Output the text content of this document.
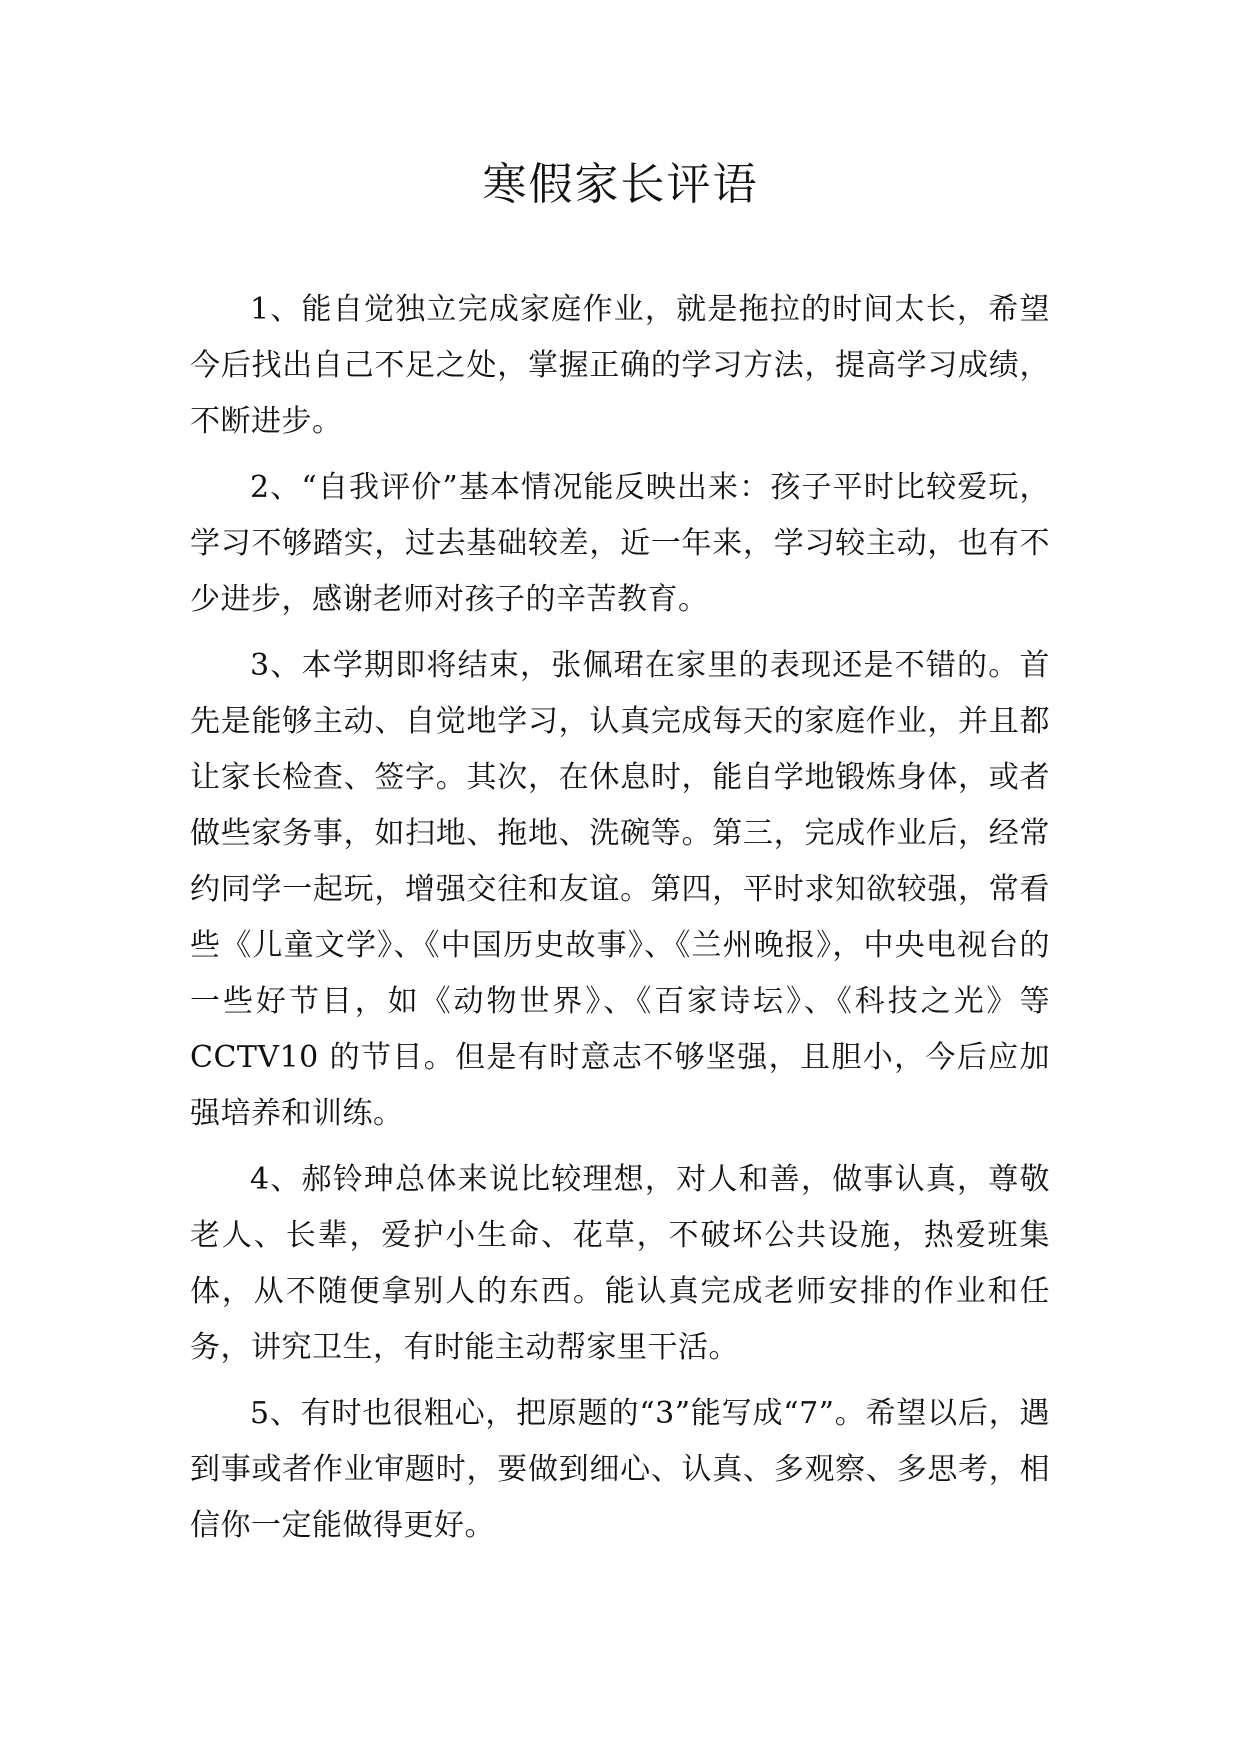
寒假家长评语

1、能自觉独立完成家庭作业，就是拖拉的时间太长，希望今后找出自己不足之处，掌握正确的学习方法，提高学习成绩，不断进步。

2、“自我评价”基本情况能反映出来：孩子平时比较爱玩，学习不够踏实，过去基础较差，近一年来，学习较主动，也有不少进步，感谢老师对孩子的辛苦教育。

3、本学期即将结束，张佩珺在家里的表现还是不错的。首先是能够主动、自觉地学习，认真完成每天的家庭作业，并且都让家长检查、签字。其次，在休息时，能自学地锻炼身体，或者做些家务事，如扫地、拖地、洗碗等。第三，完成作业后，经常约同学一起玩，增强交往和友谊。第四，平时求知欲较强，常看些《儿童文学》、《中国历史故事》、《兰州晚报》，中央电视台的一些好节目，如《动物世界》、《百家诗坛》、《科技之光》等 CCTV10 的节目。但是有时意志不够坚强，且胆小，今后应加强培养和训练。

4、郝铃珅总体来说比较理想，对人和善，做事认真，尊敬老人、长辈，爱护小生命、花草，不破坏公共设施，热爱班集体，从不随便拿别人的东西。能认真完成老师安排的作业和任务，讲究卫生，有时能主动帮家里干活。

5、有时也很粗心，把原题的“3”能写成“7”。希望以后，遇到事或者作业审题时，要做到细心、认真、多观察、多思考，相信你一定能做得更好。
